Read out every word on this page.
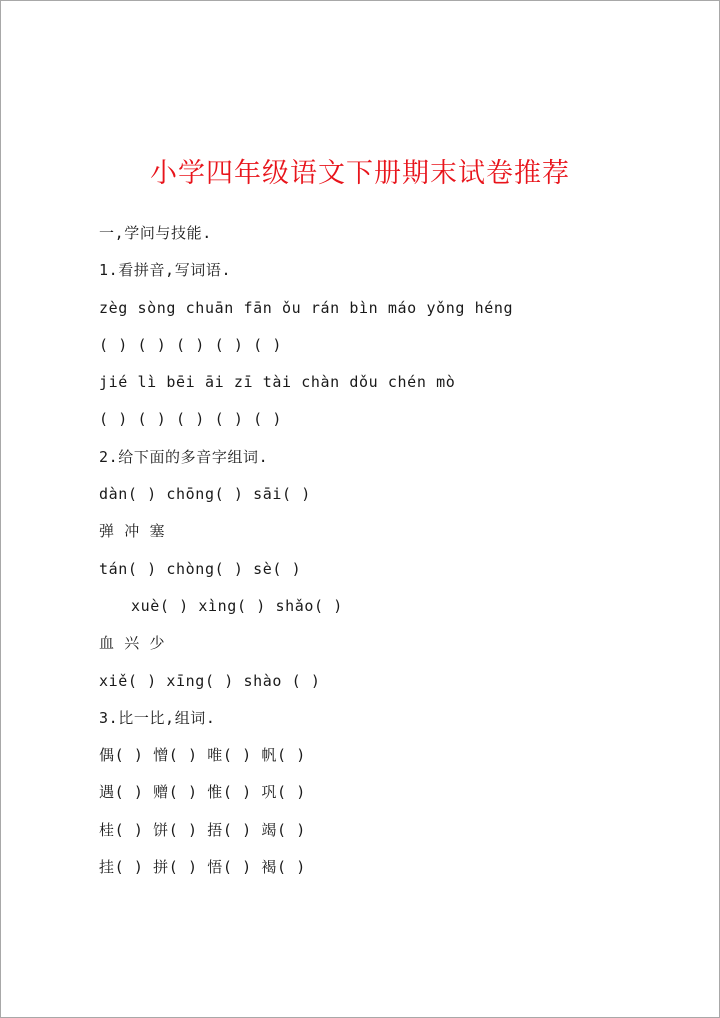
小学四年级语文下册期末试卷推荐
一,学问与技能.
1.看拼音,写词语.
zèg sòng chuān fān ǒu rán bìn máo yǒng héng
( ) ( ) ( ) ( ) ( )
jié lì bēi āi zī tài chàn dǒu chén mò
( ) ( ) ( ) ( ) ( )
2.给下面的多音字组词.
dàn( ) chōng( ) sāi( )
弹 冲 塞
tán( ) chòng( ) sè( )
xuè( ) xìng( ) shǎo( )
血 兴 少
xiě( ) xīng( ) shào ( )
3.比一比,组词.
偶( ) 憎( ) 唯( ) 帆( )
遇( ) 赠( ) 惟( ) 巩( )
桂( ) 饼( ) 捂( ) 竭( )
挂( ) 拼( ) 悟( ) 褐( )
